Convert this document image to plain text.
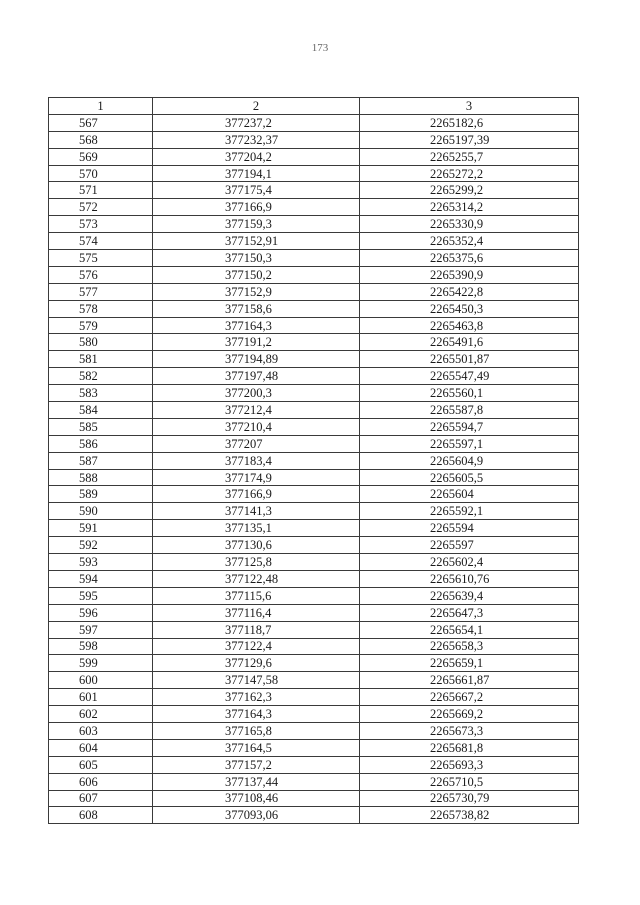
173
1	2	3
567	377237,2	2265182,6
568	377232,37	2265197,39
569	377204,2	2265255,7
570	377194,1	2265272,2
571	377175,4	2265299,2
572	377166,9	2265314,2
573	377159,3	2265330,9
574	377152,91	2265352,4
575	377150,3	2265375,6
576	377150,2	2265390,9
577	377152,9	2265422,8
578	377158,6	2265450,3
579	377164,3	2265463,8
580	377191,2	2265491,6
581	377194,89	2265501,87
582	377197,48	2265547,49
583	377200,3	2265560,1
584	377212,4	2265587,8
585	377210,4	2265594,7
586	377207	2265597,1
587	377183,4	2265604,9
588	377174,9	2265605,5
589	377166,9	2265604
590	377141,3	2265592,1
591	377135,1	2265594
592	377130,6	2265597
593	377125,8	2265602,4
594	377122,48	2265610,76
595	377115,6	2265639,4
596	377116,4	2265647,3
597	377118,7	2265654,1
598	377122,4	2265658,3
599	377129,6	2265659,1
600	377147,58	2265661,87
601	377162,3	2265667,2
602	377164,3	2265669,2
603	377165,8	2265673,3
604	377164,5	2265681,8
605	377157,2	2265693,3
606	377137,44	2265710,5
607	377108,46	2265730,79
608	377093,06	2265738,82
